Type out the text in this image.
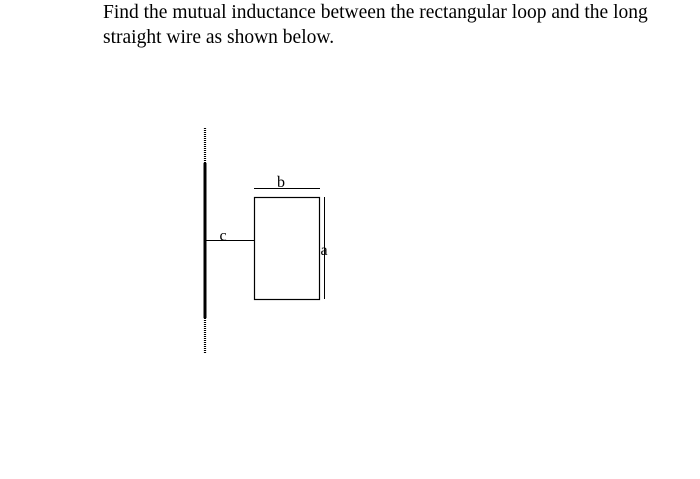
Find the mutual inductance between the rectangular loop and the long straight wire as shown below.

c
b
a
